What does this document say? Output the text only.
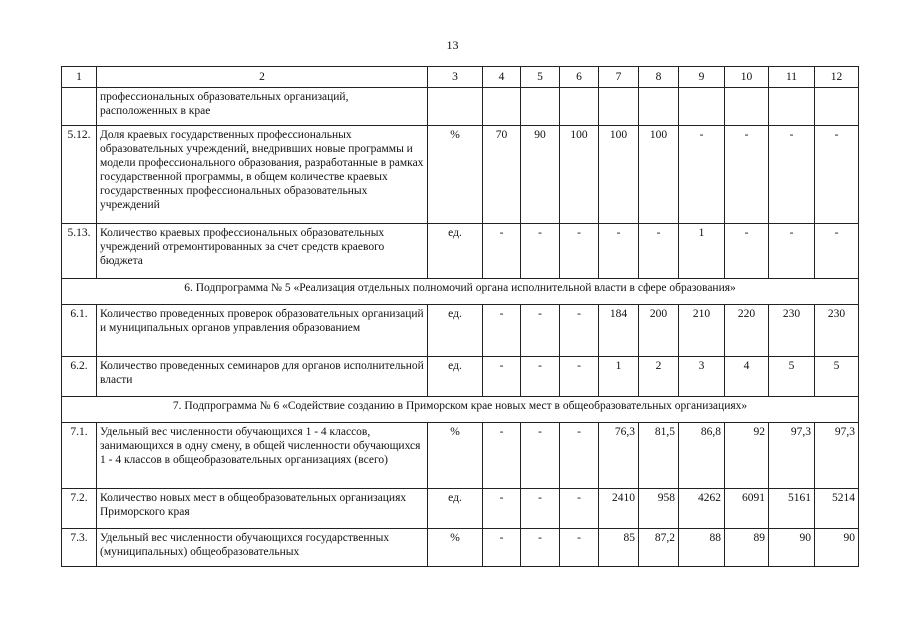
13
1	2	3	4	5	6	7	8	9	10	11	12
	профессиональных образовательных организаций, расположенных в крае										
5.12.	Доля краевых государственных профессиональных образовательных учреждений, внедривших новые программы и модели профессионального образования, разработанные в рамках государственной программы, в общем количестве краевых государственных профессиональных образовательных учреждений	%	70	90	100	100	100	-	-	-	-
5.13.	Количество краевых профессиональных образовательных учреждений отремонтированных за счет средств краевого бюджета	ед.	-	-	-	-	-	1	-	-	-
6. Подпрограмма № 5 «Реализация отдельных полномочий органа исполнительной власти в сфере образования»											
6.1.	Количество проведенных проверок образовательных организаций и муниципальных органов управления образованием	ед.	-	-	-	184	200	210	220	230	230
6.2.	Количество проведенных семинаров для органов исполнительной власти	ед.	-	-	-	1	2	3	4	5	5
7. Подпрограмма № 6 «Содействие созданию в Приморском крае новых мест в общеобразовательных организациях»											
7.1.	Удельный вес численности обучающихся 1 - 4 классов, занимающихся в одну смену, в общей численности обучающихся 1 - 4 классов в общеобразовательных организациях (всего)	%	-	-	-	76,3	81,5	86,8	92	97,3	97,3
7.2.	Количество новых мест в общеобразовательных организациях Приморского края	ед.	-	-	-	2410	958	4262	6091	5161	5214
7.3.	Удельный вес численности обучающихся государственных (муниципальных) общеобразовательных	%	-	-	-	85	87,2	88	89	90	90
